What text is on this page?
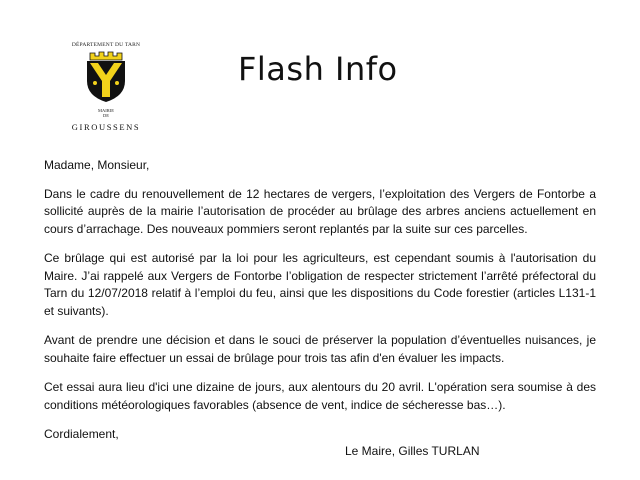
DÉPARTEMENT DU TARN
MAIRIE
DE
GIROUSSENS
Flash Info

Madame, Monsieur,

Dans le cadre du renouvellement de 12 hectares de vergers, l’exploitation des Vergers de Fontorbe a sollicité auprès de la mairie l’autorisation de procéder au brûlage des arbres anciens actuellement en cours d’arrachage. Des nouveaux pommiers seront replantés par la suite sur ces parcelles.

Ce brûlage qui est autorisé par la loi pour les agriculteurs, est cependant soumis à l'autorisation du Maire. J’ai rappelé aux Vergers de Fontorbe l’obligation de respecter strictement l’arrêté préfectoral du Tarn du 12/07/2018 relatif à l’emploi du feu, ainsi que les dispositions du Code forestier (articles L131-1 et suivants).

Avant de prendre une décision et dans le souci de préserver la population d’éventuelles nuisances, je souhaite faire effectuer un essai de brûlage pour trois tas afin d'en évaluer les impacts.

Cet essai aura lieu d'ici une dizaine de jours, aux alentours du 20 avril. L'opération sera soumise à des conditions météorologiques favorables (absence de vent, indice de sécheresse bas…).

Cordialement,

Le Maire, Gilles TURLAN
